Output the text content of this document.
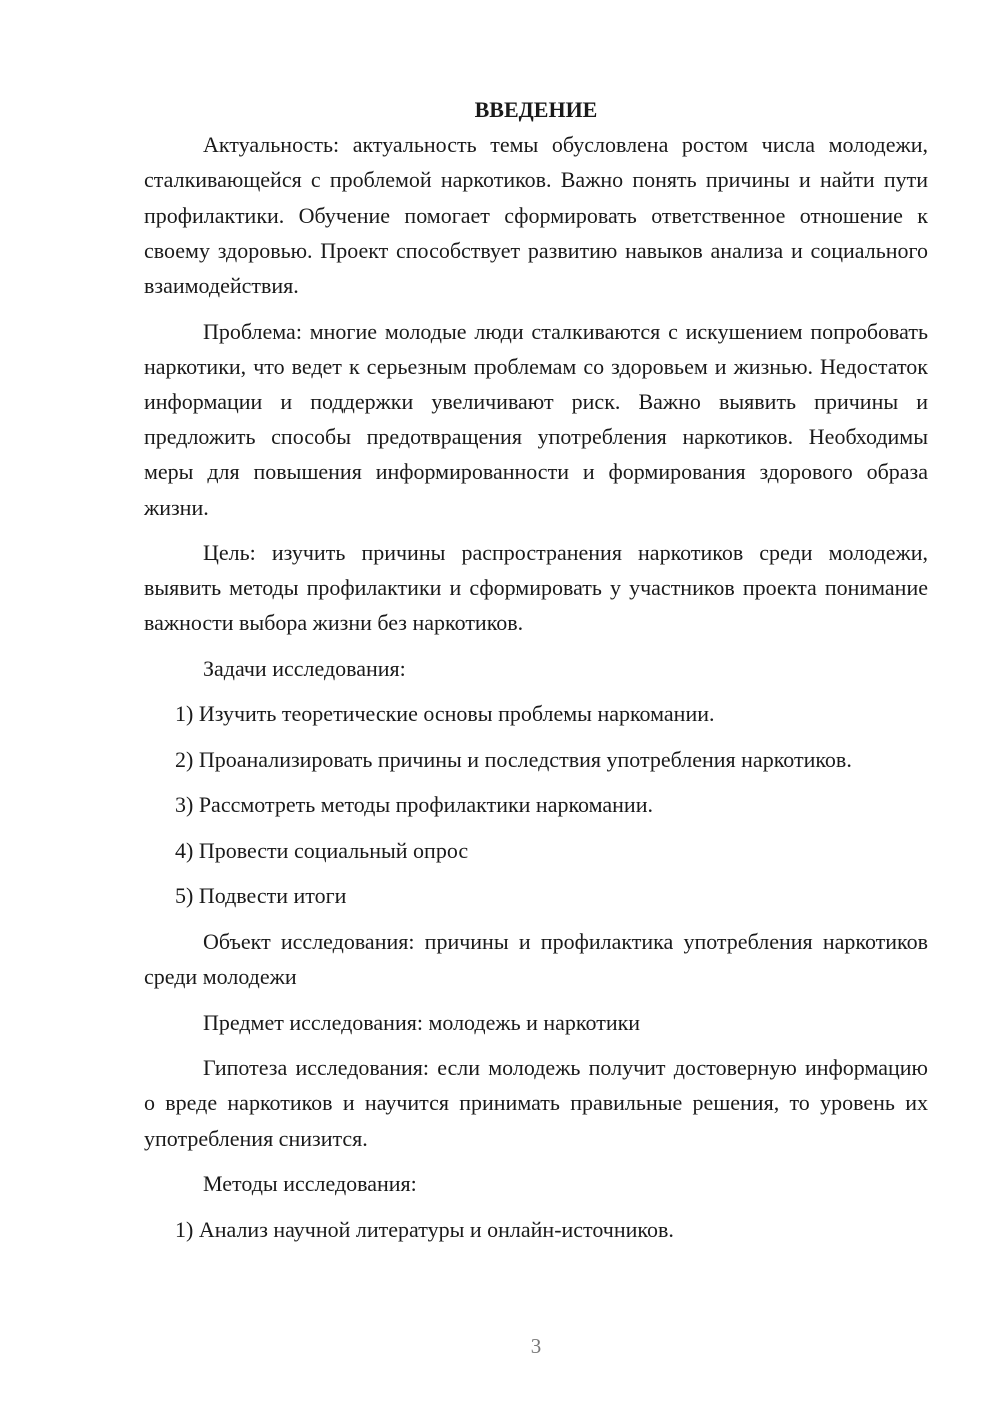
ВВЕДЕНИЕ

Актуальность: актуальность темы обусловлена ростом числа молодежи, сталкивающейся с проблемой наркотиков. Важно понять причины и найти пути профилактики. Обучение помогает сформировать ответственное отношение к своему здоровью. Проект способствует развитию навыков анализа и социального взаимодействия.

Проблема: многие молодые люди сталкиваются с искушением попробовать наркотики, что ведет к серьезным проблемам со здоровьем и жизнью. Недостаток информации и поддержки увеличивают риск. Важно выявить причины и предложить способы предотвращения употребления наркотиков. Необходимы меры для повышения информированности и формирования здорового образа жизни.

Цель: изучить причины распространения наркотиков среди молодежи, выявить методы профилактики и сформировать у участников проекта понимание важности выбора жизни без наркотиков.

Задачи исследования:

1) Изучить теоретические основы проблемы наркомании.

2) Проанализировать причины и последствия употребления наркотиков.

3) Рассмотреть методы профилактики наркомании.

4) Провести социальный опрос

5) Подвести итоги

Объект исследования: причины и профилактика употребления наркотиков среди молодежи

Предмет исследования: молодежь и наркотики

Гипотеза исследования: если молодежь получит достоверную информацию о вреде наркотиков и научится принимать правильные решения, то уровень их употребления снизится.

Методы исследования:

1) Анализ научной литературы и онлайн-источников.

3
